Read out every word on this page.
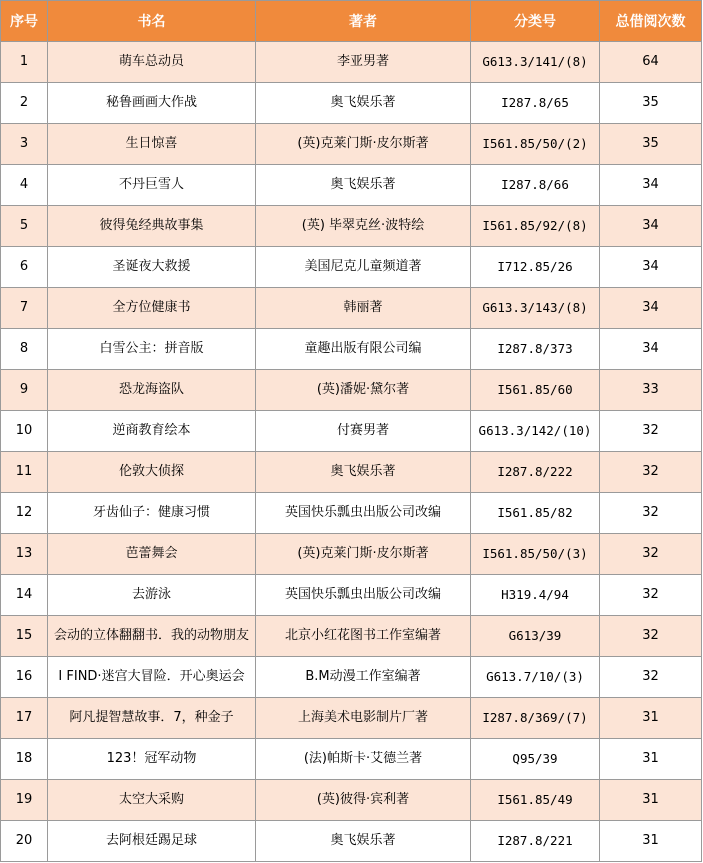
序号	书名	著者	分类号	总借阅次数
1	萌车总动员	李亚男著	G613.3/141/(8)	64
2	秘鲁画画大作战	奥飞娱乐著	I287.8/65	35
3	生日惊喜	(英)克莱门斯·皮尔斯著	I561.85/50/(2)	35
4	不丹巨雪人	奥飞娱乐著	I287.8/66	34
5	彼得兔经典故事集	(英) 毕翠克丝·波特绘	I561.85/92/(8)	34
6	圣诞夜大救援	美国尼克儿童频道著	I712.85/26	34
7	全方位健康书	韩丽著	G613.3/143/(8)	34
8	白雪公主：拼音版	童趣出版有限公司编	I287.8/373	34
9	恐龙海盗队	(英)潘妮·黛尔著	I561.85/60	33
10	逆商教育绘本	付赛男著	G613.3/142/(10)	32
11	伦敦大侦探	奥飞娱乐著	I287.8/222	32
12	牙齿仙子：健康习惯	英国快乐瓢虫出版公司改编	I561.85/82	32
13	芭蕾舞会	(英)克莱门斯·皮尔斯著	I561.85/50/(3)	32
14	去游泳	英国快乐瓢虫出版公司改编	H319.4/94	32
15	会动的立体翻翻书．我的动物朋友	北京小红花图书工作室编著	G613/39	32
16	I FIND·迷宫大冒险．开心奥运会	B.M动漫工作室编著	G613.7/10/(3)	32
17	阿凡提智慧故事．7，种金子	上海美术电影制片厂著	I287.8/369/(7)	31
18	123！冠军动物	(法)帕斯卡·艾德兰著	Q95/39	31
19	太空大采购	(英)彼得·宾利著	I561.85/49	31
20	去阿根廷踢足球	奥飞娱乐著	I287.8/221	31
